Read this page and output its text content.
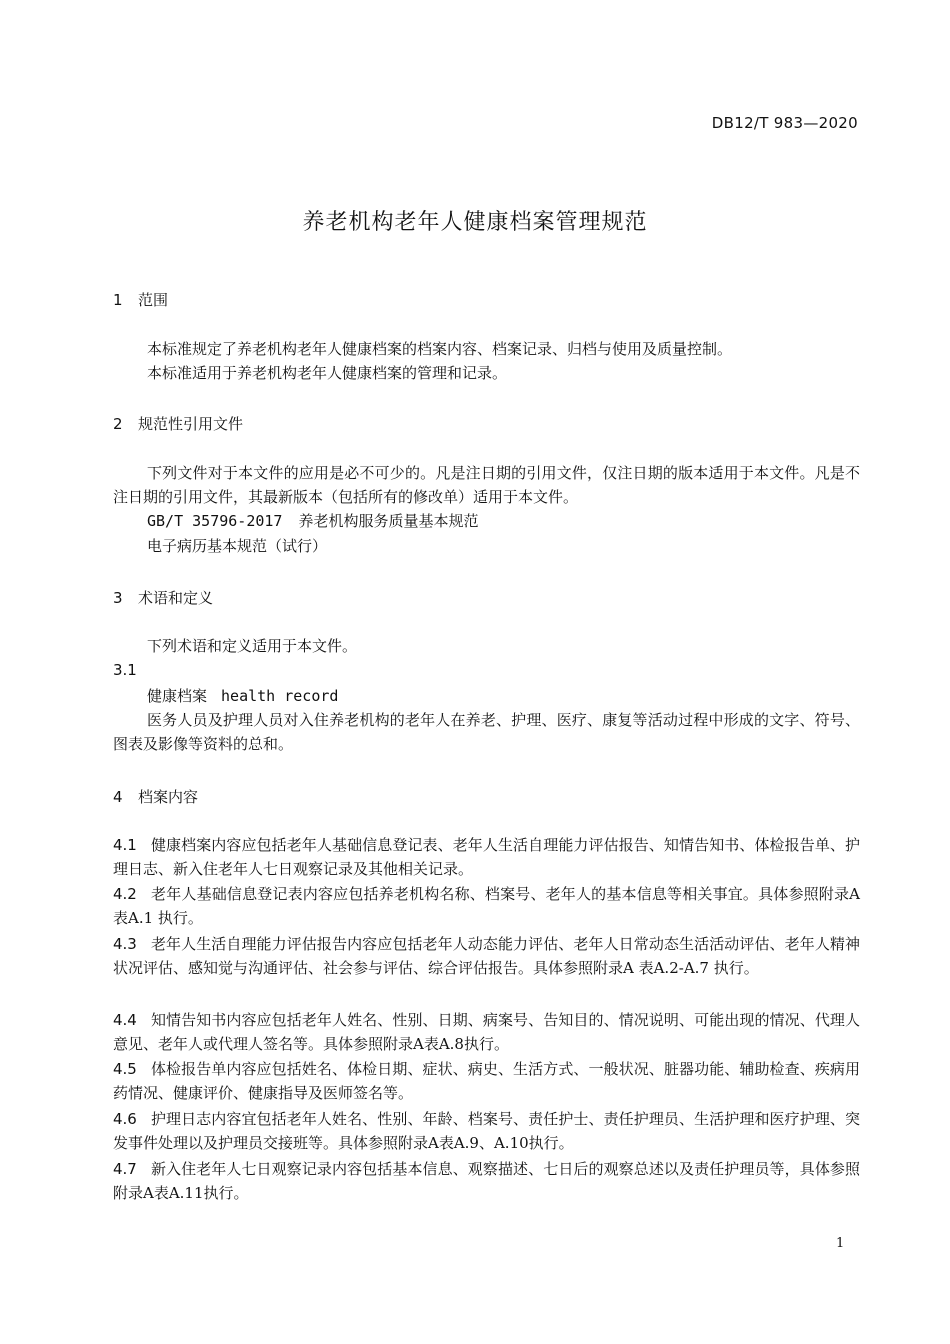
DB12/T 983—2020
养老机构老年人健康档案管理规范
1 范围

本标准规定了养老机构老年人健康档案的档案内容、档案记录、归档与使用及质量控制。

本标准适用于养老机构老年人健康档案的管理和记录。

2 规范性引用文件

下列文件对于本文件的应用是必不可少的。凡是注日期的引用文件，仅注日期的版本适用于本文件。凡是不注日期的引用文件，其最新版本（包括所有的修改单）适用于本文件。

GB/T 35796-2017 养老机构服务质量基本规范

电子病历基本规范（试行）

3 术语和定义

下列术语和定义适用于本文件。

3.1

健康档案 health record

医务人员及护理人员对入住养老机构的老年人在养老、护理、医疗、康复等活动过程中形成的文字、符号、图表及影像等资料的总和。

4 档案内容

4.1 健康档案内容应包括老年人基础信息登记表、老年人生活自理能力评估报告、知情告知书、体检报告单、护理日志、新入住老年人七日观察记录及其他相关记录。

4.2 老年人基础信息登记表内容应包括养老机构名称、档案号、老年人的基本信息等相关事宜。具体参照附录A 表A.1 执行。

4.3 老年人生活自理能力评估报告内容应包括老年人动态能力评估、老年人日常动态生活活动评估、老年人精神状况评估、感知觉与沟通评估、社会参与评估、综合评估报告。具体参照附录A 表A.2-A.7 执行。

4.4 知情告知书内容应包括老年人姓名、性别、日期、病案号、告知目的、情况说明、可能出现的情况、代理人意见、老年人或代理人签名等。具体参照附录A表A.8执行。

4.5 体检报告单内容应包括姓名、体检日期、症状、病史、生活方式、一般状况、脏器功能、辅助检查、疾病用药情况、健康评价、健康指导及医师签名等。

4.6 护理日志内容宜包括老年人姓名、性别、年龄、档案号、责任护士、责任护理员、生活护理和医疗护理、突发事件处理以及护理员交接班等。具体参照附录A表A.9、A.10执行。

4.7 新入住老年人七日观察记录内容包括基本信息、观察描述、七日后的观察总述以及责任护理员等，具体参照附录A表A.11执行。

1
